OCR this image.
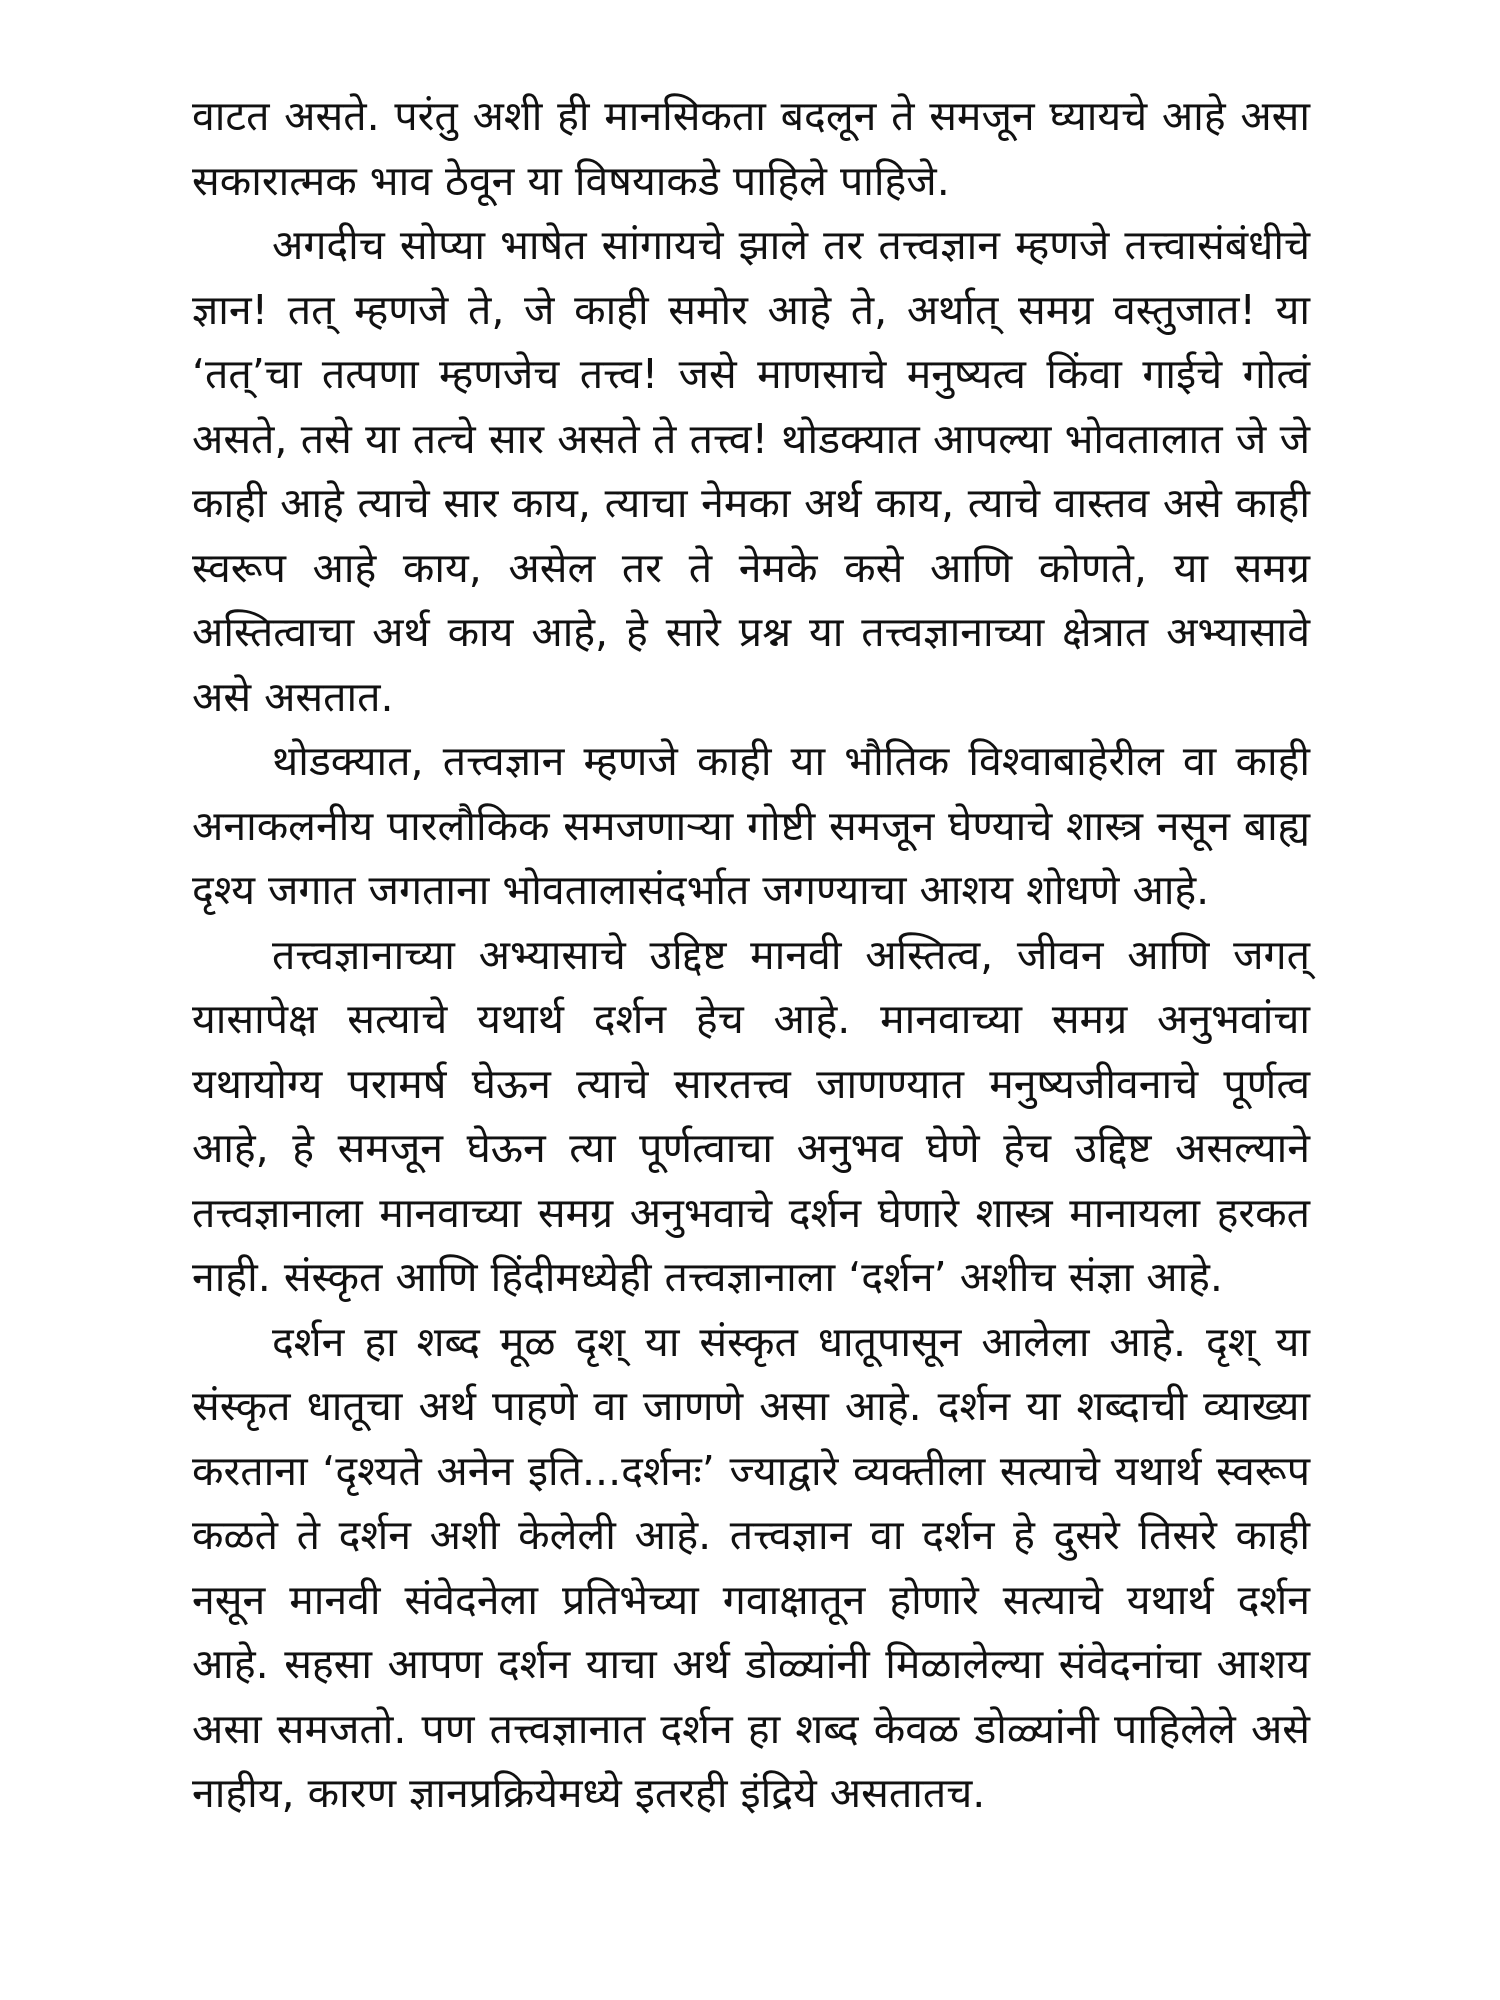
वाटत असते. परंतु अशी ही मानसिकता बदलून ते समजून घ्यायचे आहे असा सकारात्मक भाव ठेवून या विषयाकडे पाहिले पाहिजे.

अगदीच सोप्या भाषेत सांगायचे झाले तर तत्त्वज्ञान म्हणजे तत्त्वासंबंधीचे ज्ञान! तत् म्हणजे ते, जे काही समोर आहे ते, अर्थात् समग्र वस्तुजात! या ‘तत्’चा तत्पणा म्हणजेच तत्त्व! जसे माणसाचे मनुष्यत्व किंवा गाईचे गोत्वं असते, तसे या तत्चे सार असते ते तत्त्व! थोडक्यात आपल्या भोवतालात जे जे काही आहे त्याचे सार काय, त्याचा नेमका अर्थ काय, त्याचे वास्तव असे काही स्वरूप आहे काय, असेल तर ते नेमके कसे आणि कोणते, या समग्र अस्तित्वाचा अर्थ काय आहे, हे सारे प्रश्न या तत्त्वज्ञानाच्या क्षेत्रात अभ्यासावे असे असतात.

थोडक्यात, तत्त्वज्ञान म्हणजे काही या भौतिक विश्वाबाहेरील वा काही अनाकलनीय पारलौकिक समजणाऱ्या गोष्टी समजून घेण्याचे शास्त्र नसून बाह्य दृश्य जगात जगताना भोवतालासंदर्भात जगण्याचा आशय शोधणे आहे.

तत्त्वज्ञानाच्या अभ्यासाचे उद्दिष्ट मानवी अस्तित्व, जीवन आणि जगत् यासापेक्ष सत्याचे यथार्थ दर्शन हेच आहे. मानवाच्या समग्र अनुभवांचा यथायोग्य परामर्ष घेऊन त्याचे सारतत्त्व जाणण्यात मनुष्यजीवनाचे पूर्णत्व आहे, हे समजून घेऊन त्या पूर्णत्वाचा अनुभव घेणे हेच उद्दिष्ट असल्याने तत्त्वज्ञानाला मानवाच्या समग्र अनुभवाचे दर्शन घेणारे शास्त्र मानायला हरकत नाही. संस्कृत आणि हिंदीमध्येही तत्त्वज्ञानाला ‘दर्शन’ अशीच संज्ञा आहे.

दर्शन हा शब्द मूळ दृश् या संस्कृत धातूपासून आलेला आहे. दृश् या संस्कृत धातूचा अर्थ पाहणे वा जाणणे असा आहे. दर्शन या शब्दाची व्याख्या करताना ‘दृश्यते अनेन इति...दर्शनः’ ज्याद्वारे व्यक्तीला सत्याचे यथार्थ स्वरूप कळते ते दर्शन अशी केलेली आहे. तत्त्वज्ञान वा दर्शन हे दुसरे तिसरे काही नसून मानवी संवेदनेला प्रतिभेच्या गवाक्षातून होणारे सत्याचे यथार्थ दर्शन आहे. सहसा आपण दर्शन याचा अर्थ डोळ्यांनी मिळालेल्या संवेदनांचा आशय असा समजतो. पण तत्त्वज्ञानात दर्शन हा शब्द केवळ डोळ्यांनी पाहिलेले असे नाहीय, कारण ज्ञानप्रक्रियेमध्ये इतरही इंद्रिये असतातच.
